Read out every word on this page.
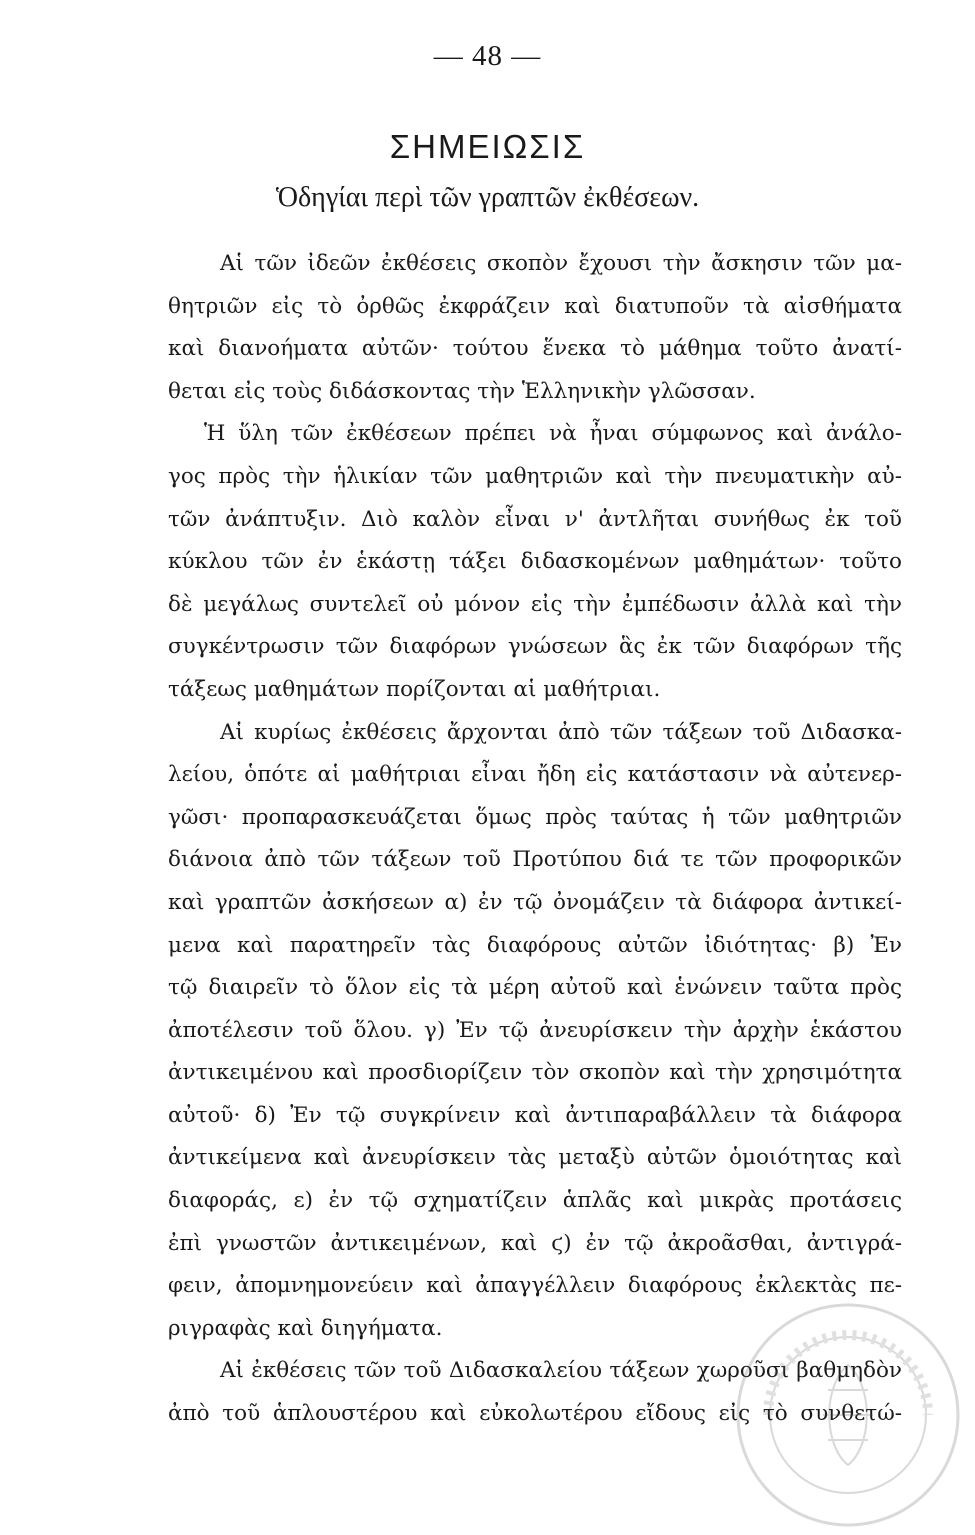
— 48 —
ΣΗΜΕΙΩΣΙΣ
Ὁδηγίαι περὶ τῶν γραπτῶν ἐκθέσεων.
Αἱ τῶν ἰδεῶν ἐκθέσεις σκοπὸν ἔχουσι τὴν ἄσκησιν τῶν μα-
θητριῶν εἰς τὸ ὀρθῶς ἐκφράζειν καὶ διατυποῦν τὰ αἰσθήματα
καὶ διανοήματα αὐτῶν· τούτου ἕνεκα τὸ μάθημα τοῦτο ἀνατί-
θεται εἰς τοὺς διδάσκοντας τὴν Ἑλληνικὴν γλῶσσαν.
Ἡ ὕλη τῶν ἐκθέσεων πρέπει νὰ ἦναι σύμφωνος καὶ ἀνάλο-
γος πρὸς τὴν ἡλικίαν τῶν μαθητριῶν καὶ τὴν πνευματικὴν αὐ-
τῶν ἀνάπτυξιν. Διὸ καλὸν εἶναι ν' ἀντλῆται συνήθως ἐκ τοῦ
κύκλου τῶν ἐν ἑκάστῃ τάξει διδασκομένων μαθημάτων· τοῦτο
δὲ μεγάλως συντελεῖ οὐ μόνον εἰς τὴν ἐμπέδωσιν ἀλλὰ καὶ τὴν
συγκέντρωσιν τῶν διαφόρων γνώσεων ἃς ἐκ τῶν διαφόρων τῆς
τάξεως μαθημάτων πορίζονται αἱ μαθήτριαι.
Αἱ κυρίως ἐκθέσεις ἄρχονται ἀπὸ τῶν τάξεων τοῦ Διδασκα-
λείου, ὁπότε αἱ μαθήτριαι εἶναι ἤδη εἰς κατάστασιν νὰ αὐτενερ-
γῶσι· προπαρασκευάζεται ὅμως πρὸς ταύτας ἡ τῶν μαθητριῶν
διάνοια ἀπὸ τῶν τάξεων τοῦ Προτύπου διά τε τῶν προφορικῶν
καὶ γραπτῶν ἀσκήσεων α) ἐν τῷ ὀνομάζειν τὰ διάφορα ἀντικεί-
μενα καὶ παρατηρεῖν τὰς διαφόρους αὐτῶν ἰδιότητας· β) Ἐν
τῷ διαιρεῖν τὸ ὅλον εἰς τὰ μέρη αὐτοῦ καὶ ἑνώνειν ταῦτα πρὸς
ἀποτέλεσιν τοῦ ὅλου. γ) Ἐν τῷ ἀνευρίσκειν τὴν ἀρχὴν ἑκάστου
ἀντικειμένου καὶ προσδιορίζειν τὸν σκοπὸν καὶ τὴν χρησιμότητα
αὐτοῦ· δ) Ἐν τῷ συγκρίνειν καὶ ἀντιπαραβάλλειν τὰ διάφορα
ἀντικείμενα καὶ ἀνευρίσκειν τὰς μεταξὺ αὐτῶν ὁμοιότητας καὶ
διαφοράς, ε) ἐν τῷ σχηματίζειν ἁπλᾶς καὶ μικρὰς προτάσεις
ἐπὶ γνωστῶν ἀντικειμένων, καὶ ϛ) ἐν τῷ ἀκροᾶσθαι, ἀντιγρά-
φειν, ἀπομνημονεύειν καὶ ἀπαγγέλλειν διαφόρους ἐκλεκτὰς πε-
ριγραφὰς καὶ διηγήματα.
Αἱ ἐκθέσεις τῶν τοῦ Διδασκαλείου τάξεων χωροῦσι βαθμηδὸν
ἀπὸ τοῦ ἁπλουστέρου καὶ εὐκολωτέρου εἴδους εἰς τὸ συνθετώ-
